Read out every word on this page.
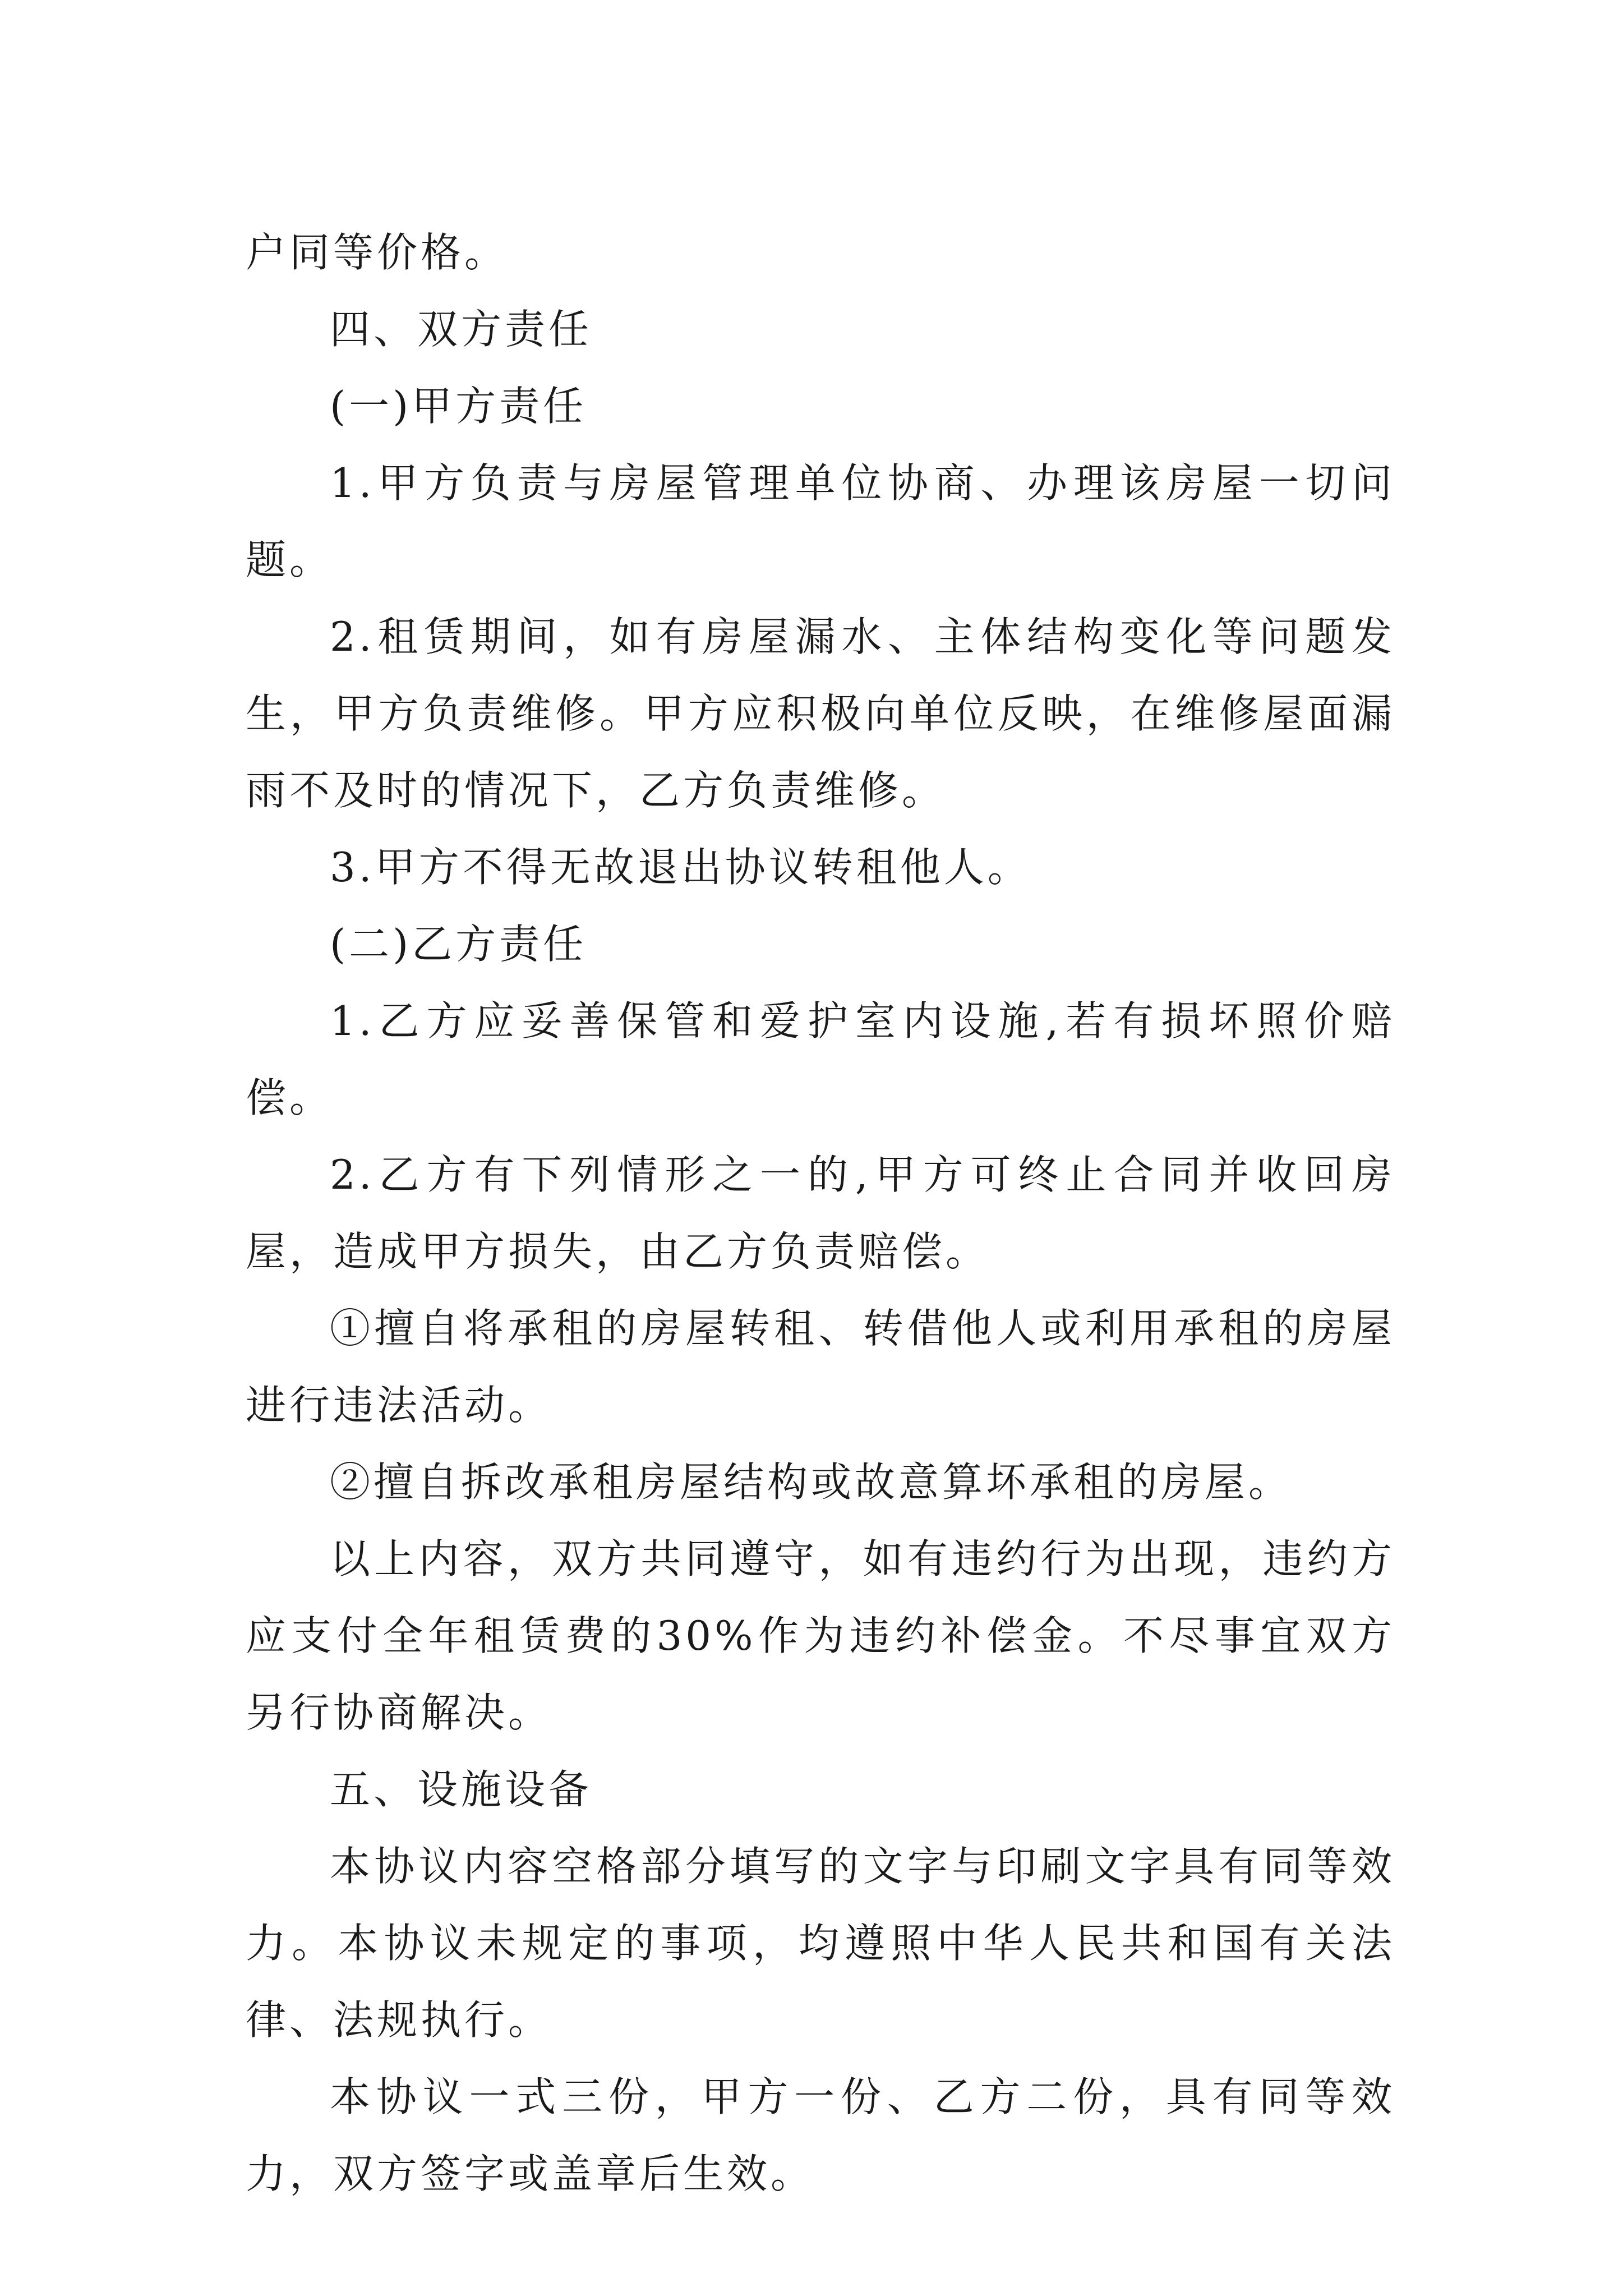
户同等价格。

四、双方责任

(一)甲方责任

1.甲方负责与房屋管理单位协商、办理该房屋一切问题。

2.租赁期间，如有房屋漏水、主体结构变化等问题发生，甲方负责维修。甲方应积极向单位反映，在维修屋面漏雨不及时的情况下，乙方负责维修。

3.甲方不得无故退出协议转租他人。

(二)乙方责任

1.乙方应妥善保管和爱护室内设施,若有损坏照价赔偿。

2.乙方有下列情形之一的,甲方可终止合同并收回房屋，造成甲方损失，由乙方负责赔偿。

①擅自将承租的房屋转租、转借他人或利用承租的房屋进行违法活动。

②擅自拆改承租房屋结构或故意算坏承租的房屋。

以上内容，双方共同遵守，如有违约行为出现，违约方应支付全年租赁费的30%作为违约补偿金。不尽事宜双方另行协商解决。

五、设施设备

本协议内容空格部分填写的文字与印刷文字具有同等效力。本协议未规定的事项，均遵照中华人民共和国有关法律、法规执行。

本协议一式三份，甲方一份、乙方二份，具有同等效力，双方签字或盖章后生效。
